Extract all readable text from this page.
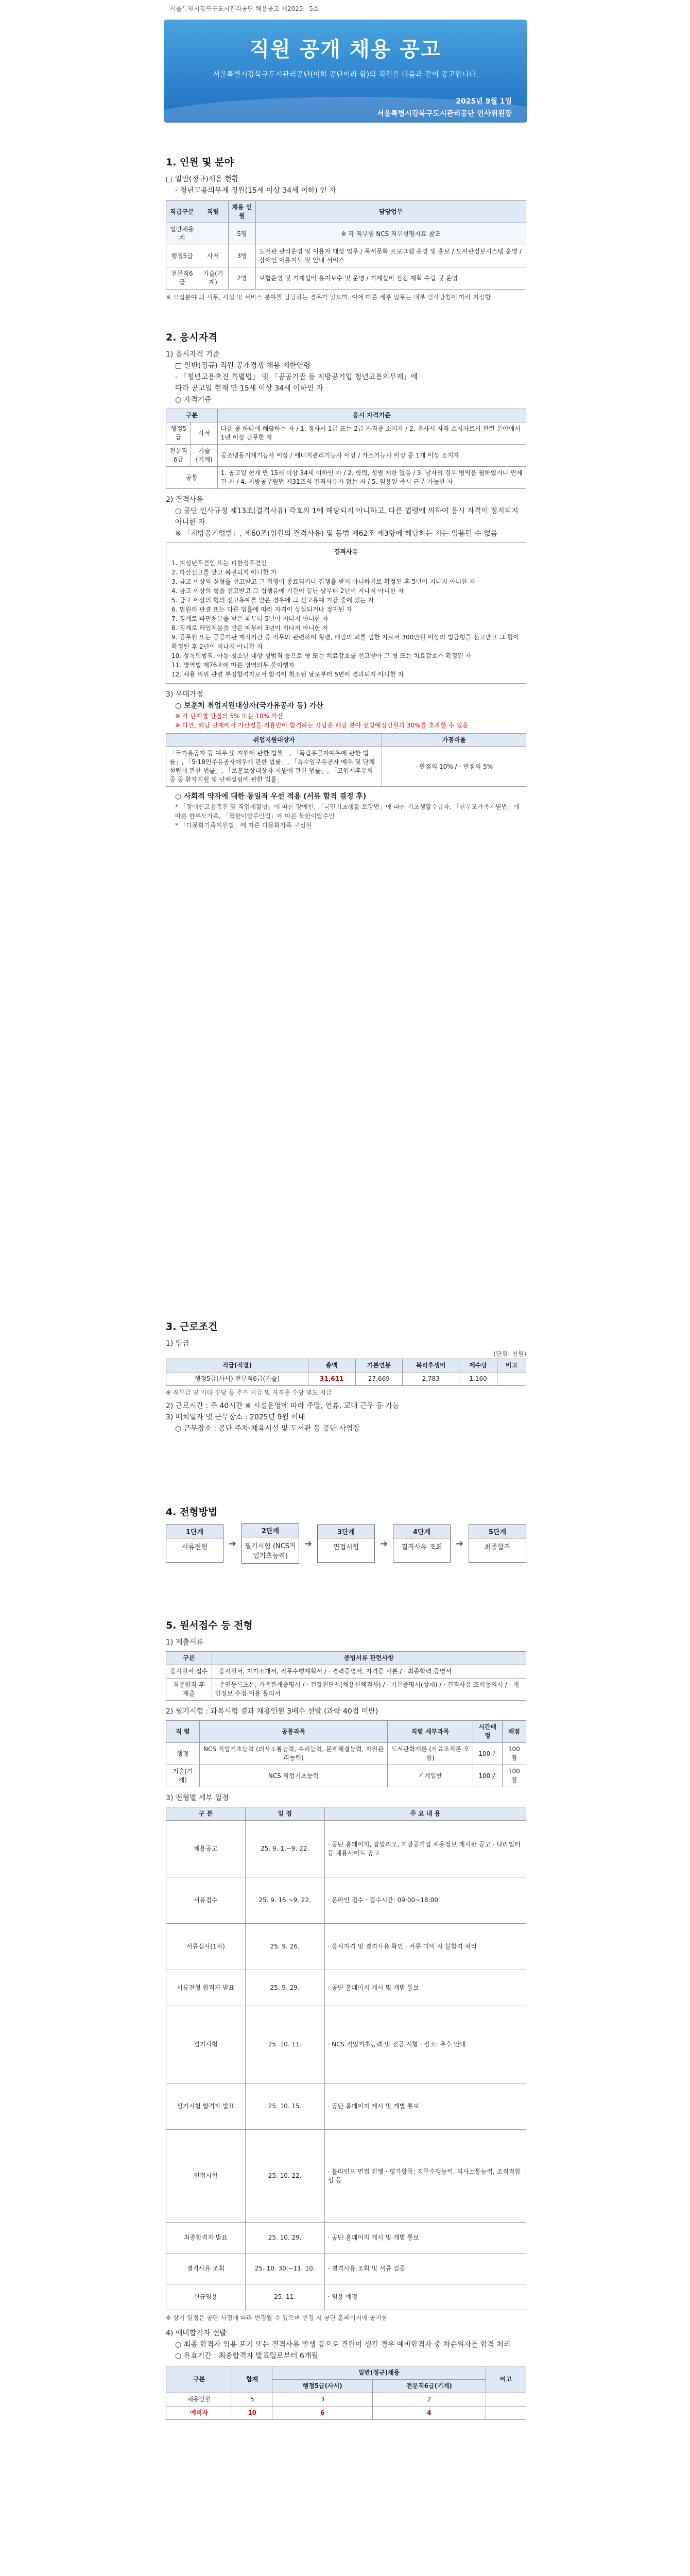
서울특별시강북구도시관리공단 채용공고 제2025 - 5호
직원 공개 채용 공고
서울특별시강북구도시관리공단(이하 공단이라 함)의 직원을 다음과 같이 공고합니다.
2025년 9월 1일
서울특별시강북구도시관리공단 인사위원장
1. 인원 및 분야

□ 일반(정규)채용 현황

- 청년고용의무제 정원(15세 이상 34세 이하) 인 자

직급구분	직렬	채용 인원	담당업무
일반채용 계		5명	※ 각 직무별 NCS 직무설명자료 참조
행정5급	사서	3명	도서관 관리운영 및 이용자 대상 업무 / 독서문화 프로그램 운영 및 홍보 / 도서관정보시스템 운영 / 장애인 이용지도 및 안내 서비스
전문직6급	기술(기계)	2명	보험운영 및 기계설비 유지보수 및 운영 / 기계설비 점검 계획 수립 및 운영

※ 모집분야 외 사무, 시설 및 서비스 분야를 담당하는 경우가 있으며, 이에 따른 세부 업무는 내부 인사방침에 따라 지정함

2. 응시자격

1) 응시자격 기준

□ 일반(정규) 직원 공개경쟁 채용 제한연령

- 「청년고용촉진 특별법」 및 「공공기관 등 지방공기업 청년고용의무제」에

따라 공고일 현재 만 15세 이상 34세 이하인 자

○ 자격기준

구분		응시 자격기준
행정5급	사서	다음 중 하나에 해당하는 자 / 1. 정사서 1급 또는 2급 자격증 소지자 / 2. 준사서 자격 소지자로서 관련 분야에서 1년 이상 근무한 자
전문직6급	기술(기계)	공조냉동기계기능사 이상 / 에너지관리기능사 이상 / 가스기능사 이상 중 1개 이상 소지자
공통		1. 공고일 현재 만 15세 이상 34세 이하인 자 / 2. 학력, 성별 제한 없음 / 3. 남자의 경우 병역을 필하였거나 면제된 자 / 4. 지방공무원법 제31조의 결격사유가 없는 자 / 5. 임용일 즉시 근무 가능한 자

2) 결격사유

○ 공단 인사규정 제13조(결격사유) 각호의 1에 해당되지 아니하고, 다른 법령에 의하여 응시 자격이 정지되지 아니한 자

※ 「지방공기업법」, 제60조(임원의 결격사유) 및 동법 제62조 제3항에 해당하는 자는 임용될 수 없음

결격사유
1. 피성년후견인 또는 피한정후견인
2. 파산선고를 받고 복권되지 아니한 자
3. 금고 이상의 실형을 선고받고 그 집행이 종료되거나 집행을 받지 아니하기로 확정된 후 5년이 지나지 아니한 자
4. 금고 이상의 형을 선고받고 그 집행유예 기간이 끝난 날부터 2년이 지나지 아니한 자
5. 금고 이상의 형의 선고유예를 받은 경우에 그 선고유예 기간 중에 있는 자
6. 법원의 판결 또는 다른 법률에 따라 자격이 상실되거나 정지된 자
7. 징계로 파면처분을 받은 때부터 5년이 지나지 아니한 자
8. 징계로 해임처분을 받은 때부터 3년이 지나지 아니한 자
9. 공무원 또는 공공기관 재직기간 중 직무와 관련하여 횡령, 배임의 죄를 범한 자로서 300만원 이상의 벌금형을 선고받고 그 형이 확정된 후 2년이 지나지 아니한 자
10. 성폭력범죄, 아동·청소년 대상 성범죄 등으로 형 또는 치료감호를 선고받아 그 형 또는 치료감호가 확정된 자
11. 병역법 제76조에 따른 병역의무 불이행자
12. 채용 비위 관련 부정합격자로서 합격이 취소된 날로부터 5년이 경과되지 아니한 자

3) 우대가점

○ 보훈처 취업지원대상자(국가유공자 등) 가산

※ 각 단계별 만점의 5% 또는 10% 가산

※ 다만, 해당 단계에서 가산점을 적용받아 합격하는 사람은 해당 분야 선발예정인원의 30%를 초과할 수 없음

취업지원대상자	가점비율
「국가유공자 등 예우 및 지원에 관한 법률」, 「독립유공자예우에 관한 법률」, 「5·18민주유공자예우에 관한 법률」, 「특수임무유공자 예우 및 단체설립에 관한 법률」, 「보훈보상대상자 지원에 관한 법률」, 「고엽제후유의증 등 환자지원 및 단체설립에 관한 법률」	- 만점의 10% / - 만점의 5%

○ 사회적 약자에 대한 동일직 우선 적용 (서류 합격 결정 후)

* 「장애인고용촉진 및 직업재활법」에 따른 장애인, 「국민기초생활 보장법」에 따른 기초생활수급자, 「한부모가족지원법」에 따른 한부모가족, 「북한이탈주민법」에 따른 북한이탈주민

* 「다문화가족지원법」에 따른 다문화가족 구성원

3. 근로조건

1) 임금

(단위: 천원)
직급(직렬)	총액	기본연봉	복리후생비	제수당	비고
행정5급(사서) 전문직6급(기술)	31,611	27,669	2,783	1,160	

※ 직무급 및 기타 수당 등 추가 지급 및 자격증 수당 별도 지급

2) 근로시간 : 주 40시간 ※ 시설운영에 따라 주말, 연휴, 교대 근무 등 가능

3) 배치일자 및 근무장소 : 2025년 9월 이내

○ 근무장소 : 공단 주차·체육시설 및 도서관 등 공단 사업장

4. 전형방법
1단계
서류전형	➔
2단계
필기시험 (NCS직업기초능력)
➔
3단계
면접시험	➔
4단계
결격사유 조회	➔
5단계
최종합격
5. 원서접수 등 전형

1) 제출서류

구분	증빙서류 관련사항
응시원서 접수	· 응시원서, 자기소개서, 직무수행계획서 / · 경력증명서, 자격증 사본 / · 최종학력 증명서
최종합격 후 제출	· 주민등록초본, 가족관계증명서 / · 건강진단서(채용신체검사) / · 기본증명서(상세) / · 결격사유 조회동의서 / · 개인정보 수집·이용 동의서

2) 필기시험 : 과목시험 결과 채용인원 3배수 선발 (과락 40점 미만)

직 렬	공통과목	직렬 세부과목	시간배정	배점
행정	NCS 직업기초능력 (의사소통능력, 수리능력, 문제해결능력, 자원관리능력)	도서관학개론 (자료조직론 포함)	100분	100점
기술(기계)	NCS 직업기초능력	기계일반	100분	100점

3) 전형별 세부 일정

구 분	일 정	주 요 내 용
채용공고	25. 9. 1.~9. 22.	· 공단 홈페이지, 잡알리오, 지방공기업 채용정보 게시판 공고 · 나라일터 등 채용사이트 공고
서류접수	25. 9. 15.~9. 22.	· 온라인 접수 · 접수시간: 09:00~18:00
서류심사(1차)	25. 9. 26.	· 응시자격 및 결격사유 확인 · 서류 미비 시 불합격 처리
서류전형 합격자 발표	25. 9. 29.	· 공단 홈페이지 게시 및 개별 통보
필기시험	25. 10. 11.	· NCS 직업기초능력 및 전공 시험 · 장소: 추후 안내
필기시험 합격자 발표	25. 10. 15.	· 공단 홈페이지 게시 및 개별 통보
면접시험	25. 10. 22.	· 블라인드 면접 진행 · 평가항목: 직무수행능력, 의사소통능력, 조직적합성 등
최종합격자 발표	25. 10. 29.	· 공단 홈페이지 게시 및 개별 통보
결격사유 조회	25. 10. 30.~11. 10.	· 결격사유 조회 및 서류 검증
신규임용	25. 11.	· 임용 예정

※ 상기 일정은 공단 사정에 따라 변경될 수 있으며 변경 시 공단 홈페이지에 공지함

4) 예비합격자 선발

○ 최종 합격자 임용 포기 또는 결격사유 발생 등으로 결원이 생길 경우 예비합격자 중 차순위자를 합격 처리

○ 유효기간 : 최종합격자 발표일로부터 6개월

구분	합계	일반(정규)채용		비고
		행정5급(사서)	전문직6급(기계)	
채용인원	5	3	2	
예비자	10	6	4	
